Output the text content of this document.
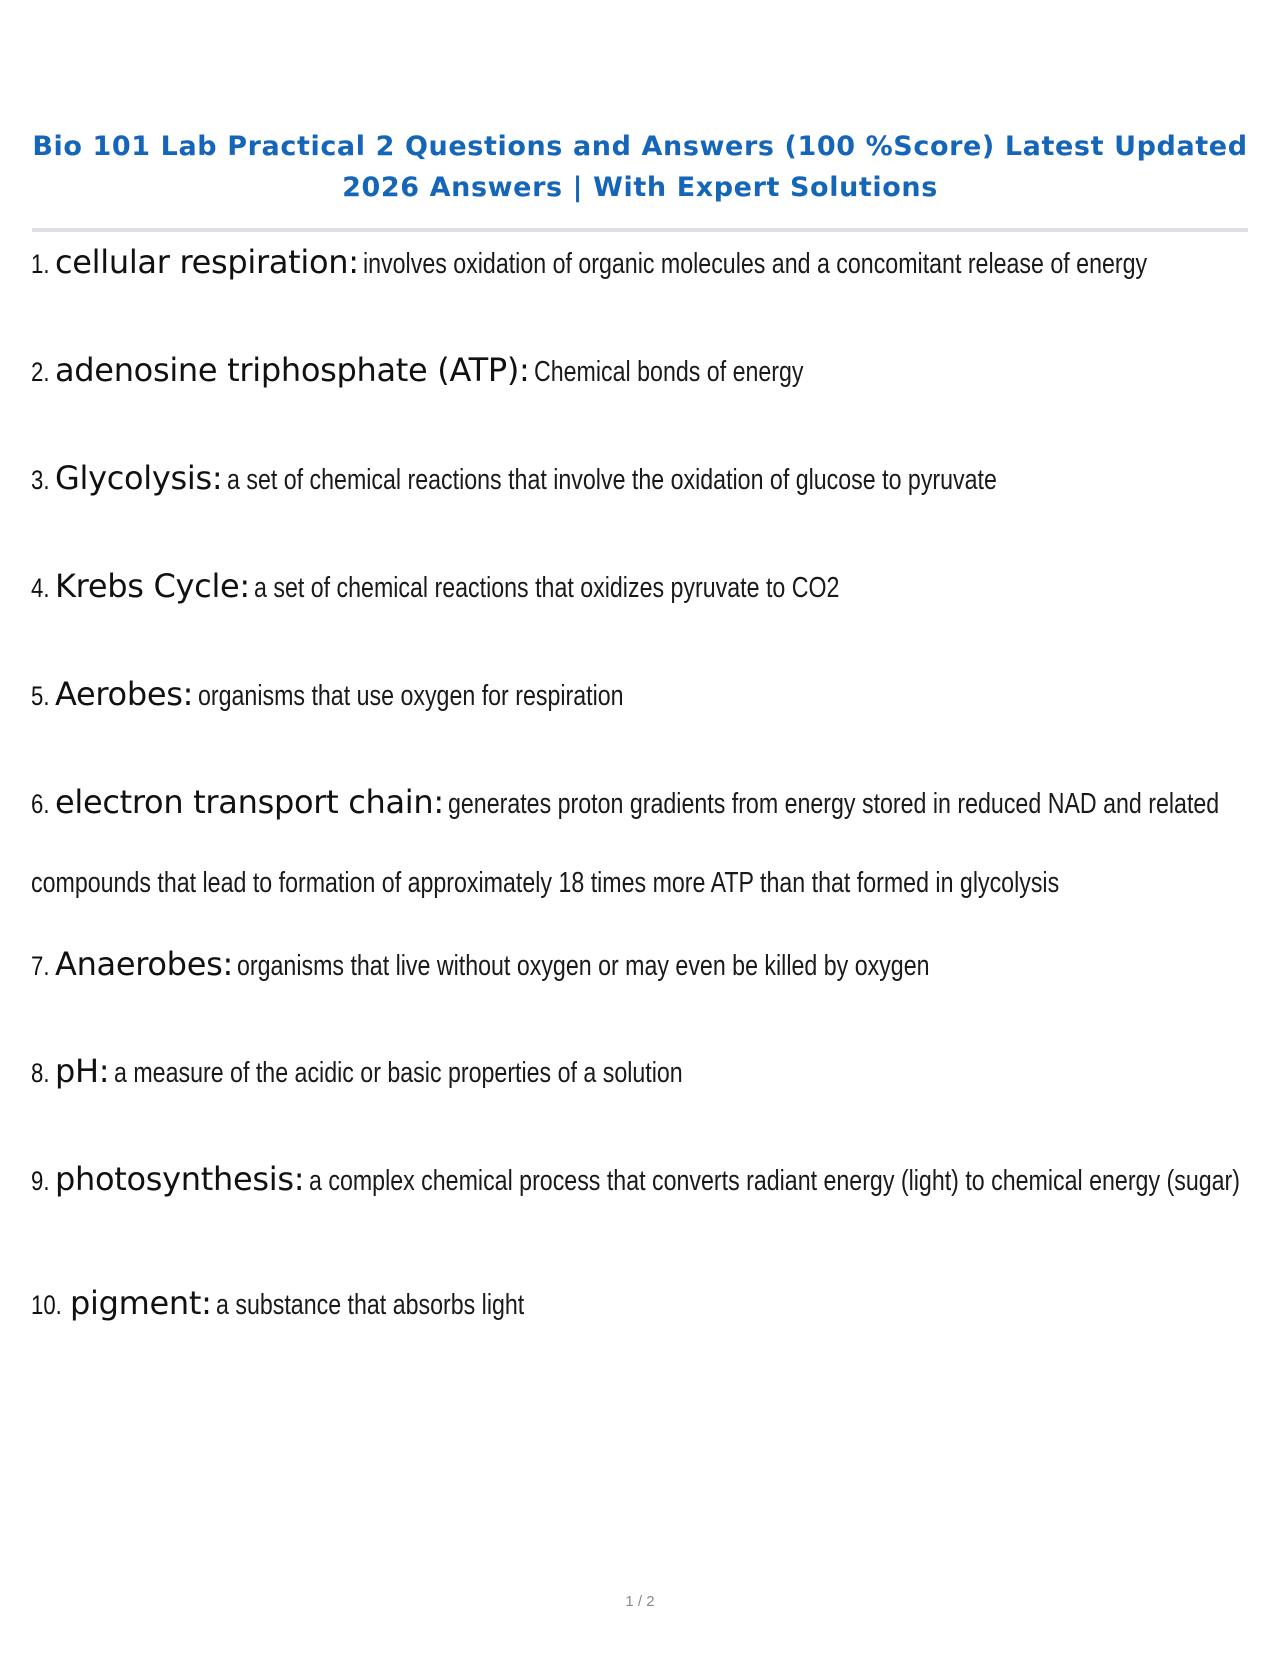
Bio 101 Lab Practical 2 Questions and Answers (100 %Score) Latest Updated
2026 Answers | With Expert Solutions
1. cellular respiration: involves oxidation of organic molecules and a concomitant release of energy
2. adenosine triphosphate (ATP): Chemical bonds of energy
3. Glycolysis: a set of chemical reactions that involve the oxidation of glucose to pyruvate
4. Krebs Cycle: a set of chemical reactions that oxidizes pyruvate to CO2
5. Aerobes: organisms that use oxygen for respiration
6. electron transport chain: generates proton gradients from energy stored in reduced NAD and related
compounds that lead to formation of approximately 18 times more ATP than that formed in glycolysis
7. Anaerobes: organisms that live without oxygen or may even be killed by oxygen
8. pH: a measure of the acidic or basic properties of a solution
9. photosynthesis: a complex chemical process that converts radiant energy (light) to chemical energy (sugar)
10. pigment: a substance that absorbs light
1 / 2
